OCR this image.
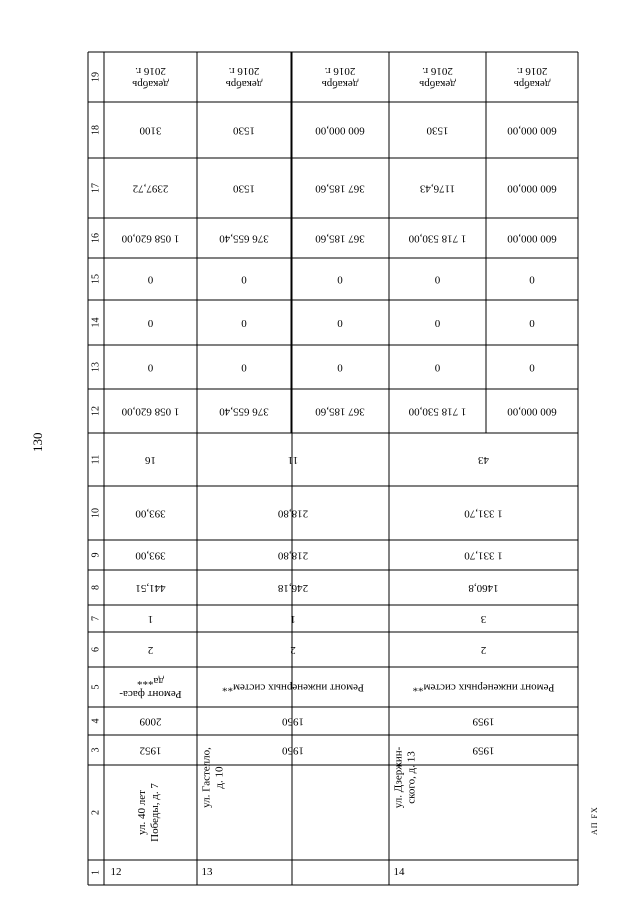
130
АП FX
1
2
3
4
5
6
7
8
9
10
11
12
13
14
15
16
17
18
19
12
ул. 40 лет Победы, д. 7
1952
2009
Ремонт фаса-
да***
2
1
441,51
393,00
393,00
16
1 058 620,00
0
0
0
1 058 620,00
2397,72
3100
декабрь
2016 г.
13
ул. Гастелло, д. 10
1950
1950
Ремонт инженерных систем**
2
1
246,18
218,80
218,80
11
376 655,40
0
0
0
376 655,40
1530
1530
декабрь
2016 г.
367 185,60
0
0
0
367 185,60
367 185,60
600 000,00
декабрь
2016 г.
14
ул. Дзержин- ского, д. 13
1959
1959
Ремонт инженерных систем**
2
3
1460,8
1 331,70
1 331,70
43
1 718 530,00
0
0
0
1 718 530,00
1176,43
1530
декабрь
2016 г.
600 000,00
0
0
0
600 000,00
600 000,00
600 000,00
декабрь
2016 г.
